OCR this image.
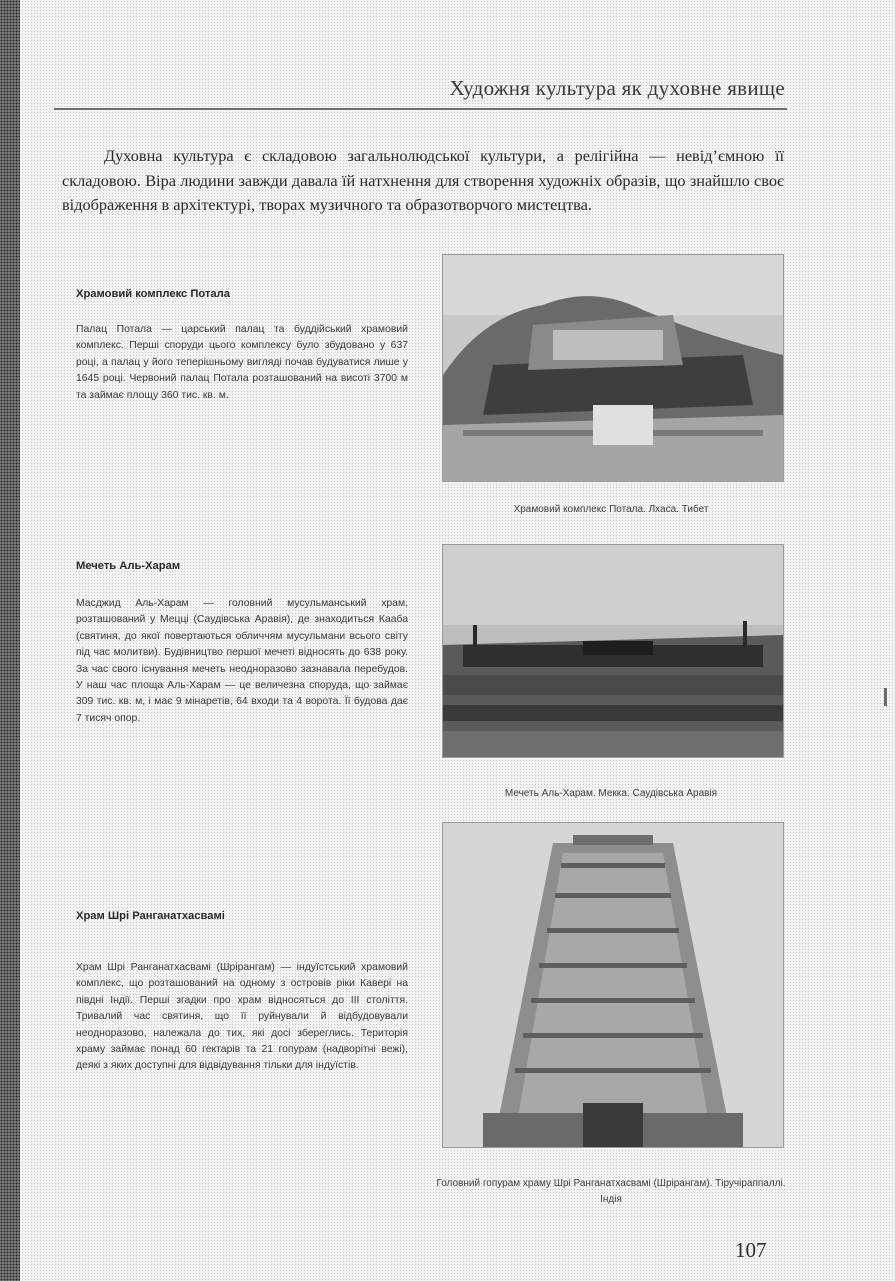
Художня культура як духовне явище
Духовна культура є складовою загальнолюдської культури, а релігійна — невід’ємною її складовою. Віра людини завжди давала їй натхнення для створення художніх образів, що знайшло своє відображення в архітектурі, творах музичного та образотворчого мистецтва.
Храмовий комплекс Потала
Палац Потала — царський палац та буддійський храмовий комплекс. Перші споруди цього комплексу було збудовано у 637 році, а палац у його теперішньому вигляді почав будуватися лише у 1645 році. Червоний палац Потала розташований на висоті 3700 м та займає площу 360 тис. кв. м.
Храмовий комплекс Потала. Лхаса. Тибет
Мечеть Аль-Харам
Масджид Аль-Харам — головний мусульманський храм, розташований у Мецці (Саудівська Аравія), де знаходиться Кааба (святиня, до якої повертаються обличчям мусульмани всього світу під час молитви). Будівництво першої мечеті відносять до 638 року. За час свого існування мечеть неодноразово зазнавала перебудов. У наш час площа Аль-Харам — це величезна споруда, що займає 309 тис. кв. м, і має 9 мінаретів, 64 входи та 4 ворота. Її будова дає 7 тисяч опор.
Мечеть Аль-Харам. Мекка. Саудівська Аравія
Храм Шрі Ранганатхасвамі
Храм Шрі Ранганатхасвамі (Шрірангам) — індуїстський храмовий комплекс, що розташований на одному з островів ріки Кавері на півдні Індії. Перші згадки про храм відносяться до III століття. Тривалий час святиня, що її руйнували й відбудовували неодноразово, належала до тих, які досі збереглись. Територія храму займає понад 60 гектарів та 21 гопурам (надворітні вежі), деякі з яких доступні для відвідування тільки для індуїстів.
Головний гопурам храму Шрі Ранганатхасвамі (Шрірангам). Тіручіраппаллі. Індія
107
